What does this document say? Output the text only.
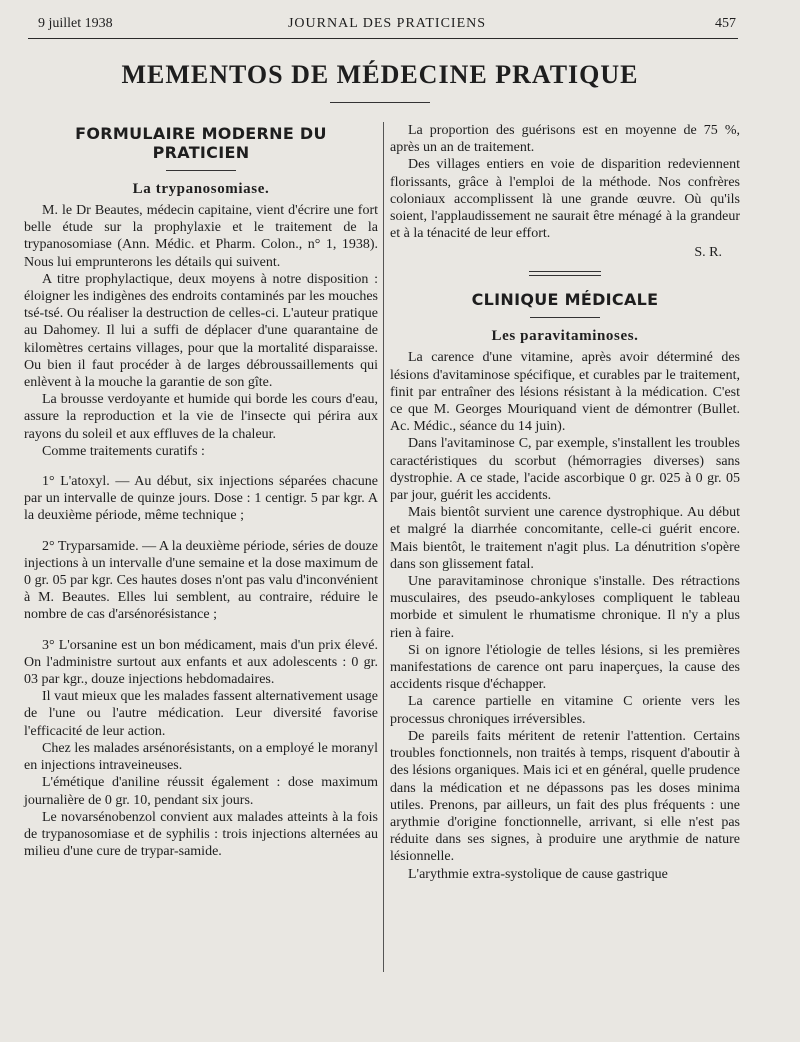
9 juillet 1938	JOURNAL DES PRATICIENS	457
MEMENTOS DE MÉDECINE PRATIQUE
FORMULAIRE MODERNE DU PRATICIEN
La trypanosomiase.

M. le Dr Beautes, médecin capitaine, vient d'écrire une fort belle étude sur la prophylaxie et le traitement de la trypanosomiase (Ann. Médic. et Pharm. Colon., n° 1, 1938). Nous lui emprunterons les détails qui suivent.

A titre prophylactique, deux moyens à notre disposition : éloigner les indigènes des endroits contaminés par les mouches tsé-tsé. Ou réaliser la destruction de celles-ci. L'auteur pratique au Dahomey. Il lui a suffi de déplacer d'une quarantaine de kilomètres certains villages, pour que la mortalité disparaisse. Ou bien il faut procéder à de larges débroussaillements qui enlèvent à la mouche la garantie de son gîte.

La brousse verdoyante et humide qui borde les cours d'eau, assure la reproduction et la vie de l'insecte qui périra aux rayons du soleil et aux effluves de la chaleur.

Comme traitements curatifs :

1° L'atoxyl. — Au début, six injections séparées chacune par un intervalle de quinze jours. Dose : 1 centigr. 5 par kgr. A la deuxième période, même technique ;

2° Tryparsamide. — A la deuxième période, séries de douze injections à un intervalle d'une semaine et la dose maximum de 0 gr. 05 par kgr. Ces hautes doses n'ont pas valu d'inconvénient à M. Beautes. Elles lui semblent, au contraire, réduire le nombre de cas d'arsénorésistance ;

3° L'orsanine est un bon médicament, mais d'un prix élevé. On l'administre surtout aux enfants et aux adolescents : 0 gr. 03 par kgr., douze injections hebdomadaires.

Il vaut mieux que les malades fassent alternativement usage de l'une ou l'autre médication. Leur diversité favorise l'efficacité de leur action.

Chez les malades arsénorésistants, on a employé le moranyl en injections intraveineuses.

L'émétique d'aniline réussit également : dose maximum journalière de 0 gr. 10, pendant six jours.

Le novarsénobenzol convient aux malades atteints à la fois de trypanosomiase et de syphilis : trois injections alternées au milieu d'une cure de trypar-samide.

La proportion des guérisons est en moyenne de 75 %, après un an de traitement.

Des villages entiers en voie de disparition redeviennent florissants, grâce à l'emploi de la méthode. Nos confrères coloniaux accomplissent là une grande œuvre. Où qu'ils soient, l'applaudissement ne saurait être ménagé à la grandeur et à la ténacité de leur effort.

S. R.
CLINIQUE MÉDICALE
Les paravitaminoses.

La carence d'une vitamine, après avoir déterminé des lésions d'avitaminose spécifique, et curables par le traitement, finit par entraîner des lésions résistant à la médication. C'est ce que M. Georges Mouriquand vient de démontrer (Bullet. Ac. Médic., séance du 14 juin).

Dans l'avitaminose C, par exemple, s'installent les troubles caractéristiques du scorbut (hémorragies diverses) sans dystrophie. A ce stade, l'acide ascorbique 0 gr. 025 à 0 gr. 05 par jour, guérit les accidents.

Mais bientôt survient une carence dystrophique. Au début et malgré la diarrhée concomitante, celle-ci guérit encore. Mais bientôt, le traitement n'agit plus. La dénutrition s'opère dans son glissement fatal.

Une paravitaminose chronique s'installe. Des rétractions musculaires, des pseudo-ankyloses compliquent le tableau morbide et simulent le rhumatisme chronique. Il n'y a plus rien à faire.

Si on ignore l'étiologie de telles lésions, si les premières manifestations de carence ont paru inaperçues, la cause des accidents risque d'échapper.

La carence partielle en vitamine C oriente vers les processus chroniques irréversibles.

De pareils faits méritent de retenir l'attention. Certains troubles fonctionnels, non traités à temps, risquent d'aboutir à des lésions organiques. Mais ici et en général, quelle prudence dans la médication et ne dépassons pas les doses minima utiles. Prenons, par ailleurs, un fait des plus fréquents : une arythmie d'origine fonctionnelle, arrivant, si elle n'est pas réduite dans ses signes, à produire une arythmie de nature lésionnelle.

L'arythmie extra-systolique de cause gastrique
